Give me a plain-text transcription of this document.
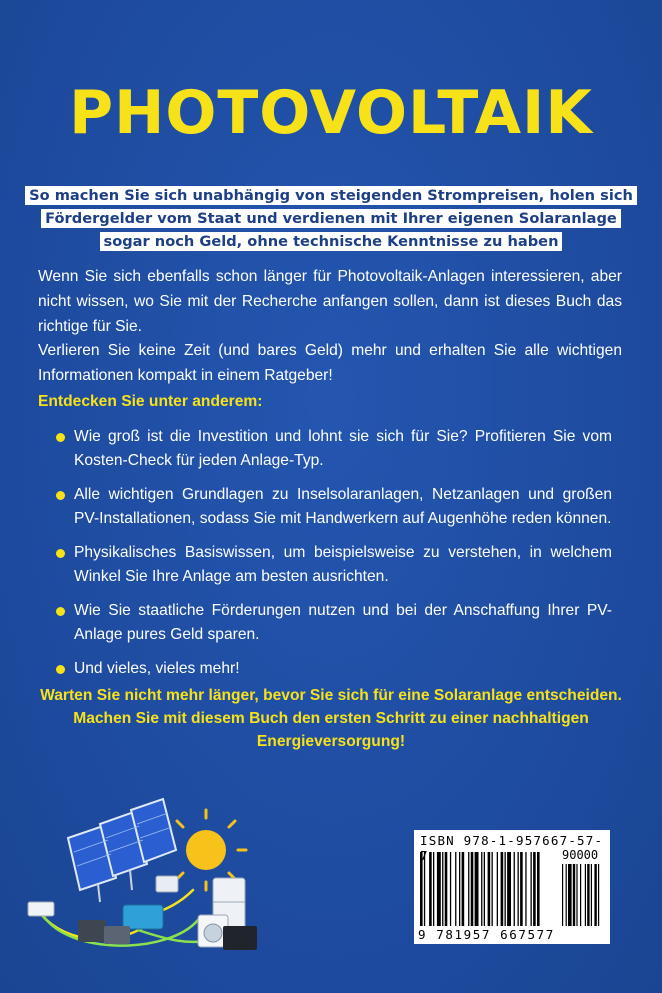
PHOTOVOLTAIK
So machen Sie sich unabhängig von steigenden Strompreisen, holen sich Fördergelder vom Staat und verdienen mit Ihrer eigenen Solaranlage sogar noch Geld, ohne technische Kenntnisse zu haben

Wenn Sie sich ebenfalls schon länger für Photovoltaik-Anlagen interessieren, aber nicht wissen, wo Sie mit der Recherche anfangen sollen, dann ist dieses Buch das richtige für Sie.

Verlieren Sie keine Zeit (und bares Geld) mehr und erhalten Sie alle wichtigen Informationen kompakt in einem Ratgeber!

Entdecken Sie unter anderem:
Wie groß ist die Investition und lohnt sie sich für Sie? Profitieren Sie vom Kosten-Check für jeden Anlage-Typ.
Alle wichtigen Grundlagen zu Inselsolaranlagen, Netzanlagen und großen PV-Installationen, sodass Sie mit Handwerkern auf Augenhöhe reden können.
Physikalisches Basiswissen, um beispielsweise zu verstehen, in welchem Winkel Sie Ihre Anlage am besten ausrichten.
Wie Sie staatliche Förderungen nutzen und bei der Anschaffung Ihrer PV-Anlage pures Geld sparen.
Und vieles, vieles mehr!

Warten Sie nicht mehr länger, bevor Sie sich für eine Solaranlage entscheiden. Machen Sie mit diesem Buch den ersten Schritt zu einer nachhaltigen Energieversorgung!

ISBN 978-1-957667-57-7	90000
9 781957 667577
